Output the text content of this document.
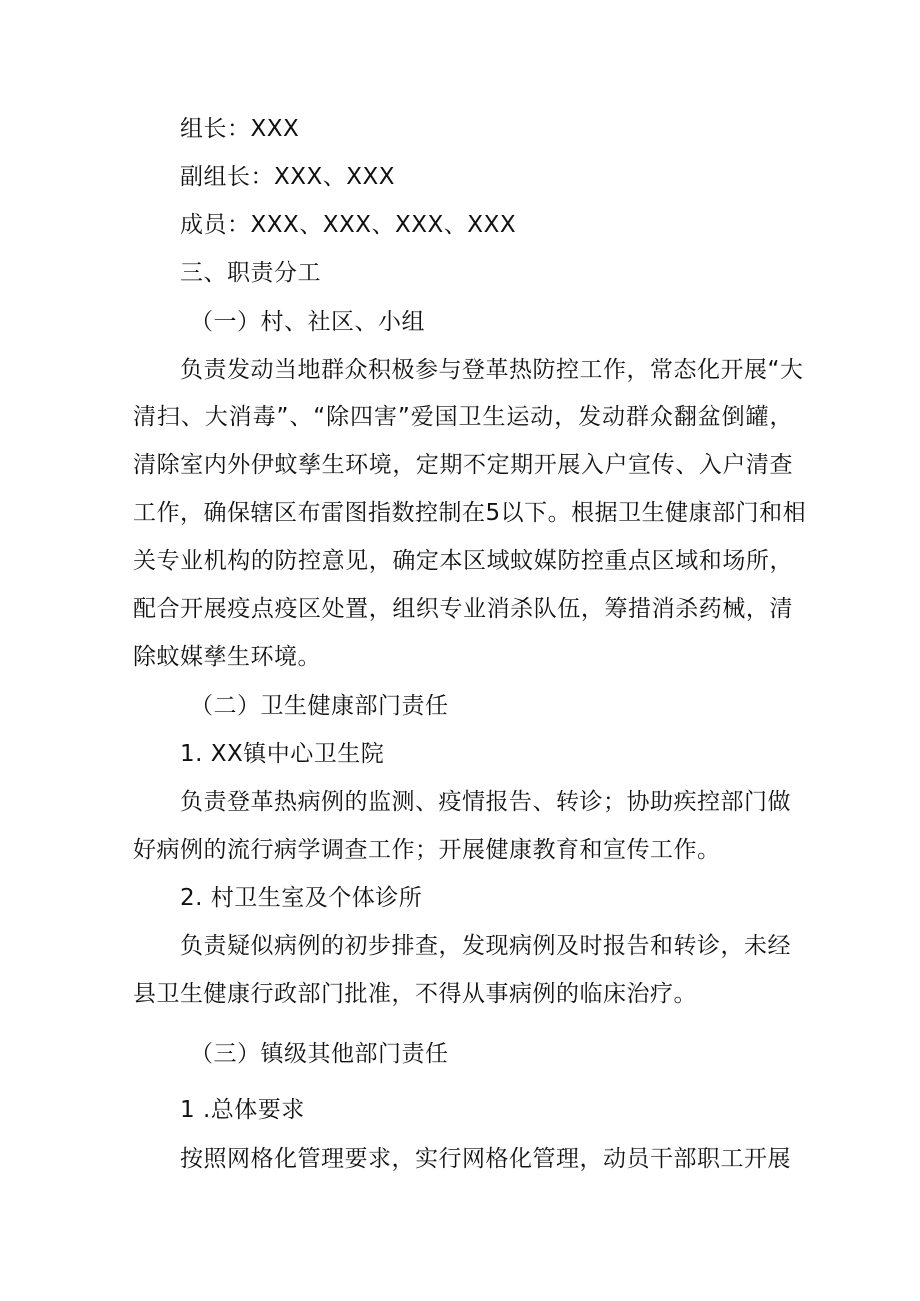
组长：XXX
副组长：XXX、XXX
成员：XXX、XXX、XXX、XXX
三、职责分工
（一）村、社区、小组
负责发动当地群众积极参与登革热防控工作，常态化开展“大
清扫、大消毒”、“除四害”爱国卫生运动，发动群众翻盆倒罐，
清除室内外伊蚊孳生环境，定期不定期开展入户宣传、入户清查
工作，确保辖区布雷图指数控制在5以下。根据卫生健康部门和相
关专业机构的防控意见，确定本区域蚊媒防控重点区域和场所，
配合开展疫点疫区处置，组织专业消杀队伍，筹措消杀药械，清
除蚊媒孳生环境。
（二）卫生健康部门责任
1. XX镇中心卫生院
负责登革热病例的监测、疫情报告、转诊；协助疾控部门做
好病例的流行病学调查工作；开展健康教育和宣传工作。
2. 村卫生室及个体诊所
负责疑似病例的初步排查，发现病例及时报告和转诊，未经
县卫生健康行政部门批准，不得从事病例的临床治疗。
（三）镇级其他部门责任
1 .总体要求
按照网格化管理要求，实行网格化管理，动员干部职工开展
